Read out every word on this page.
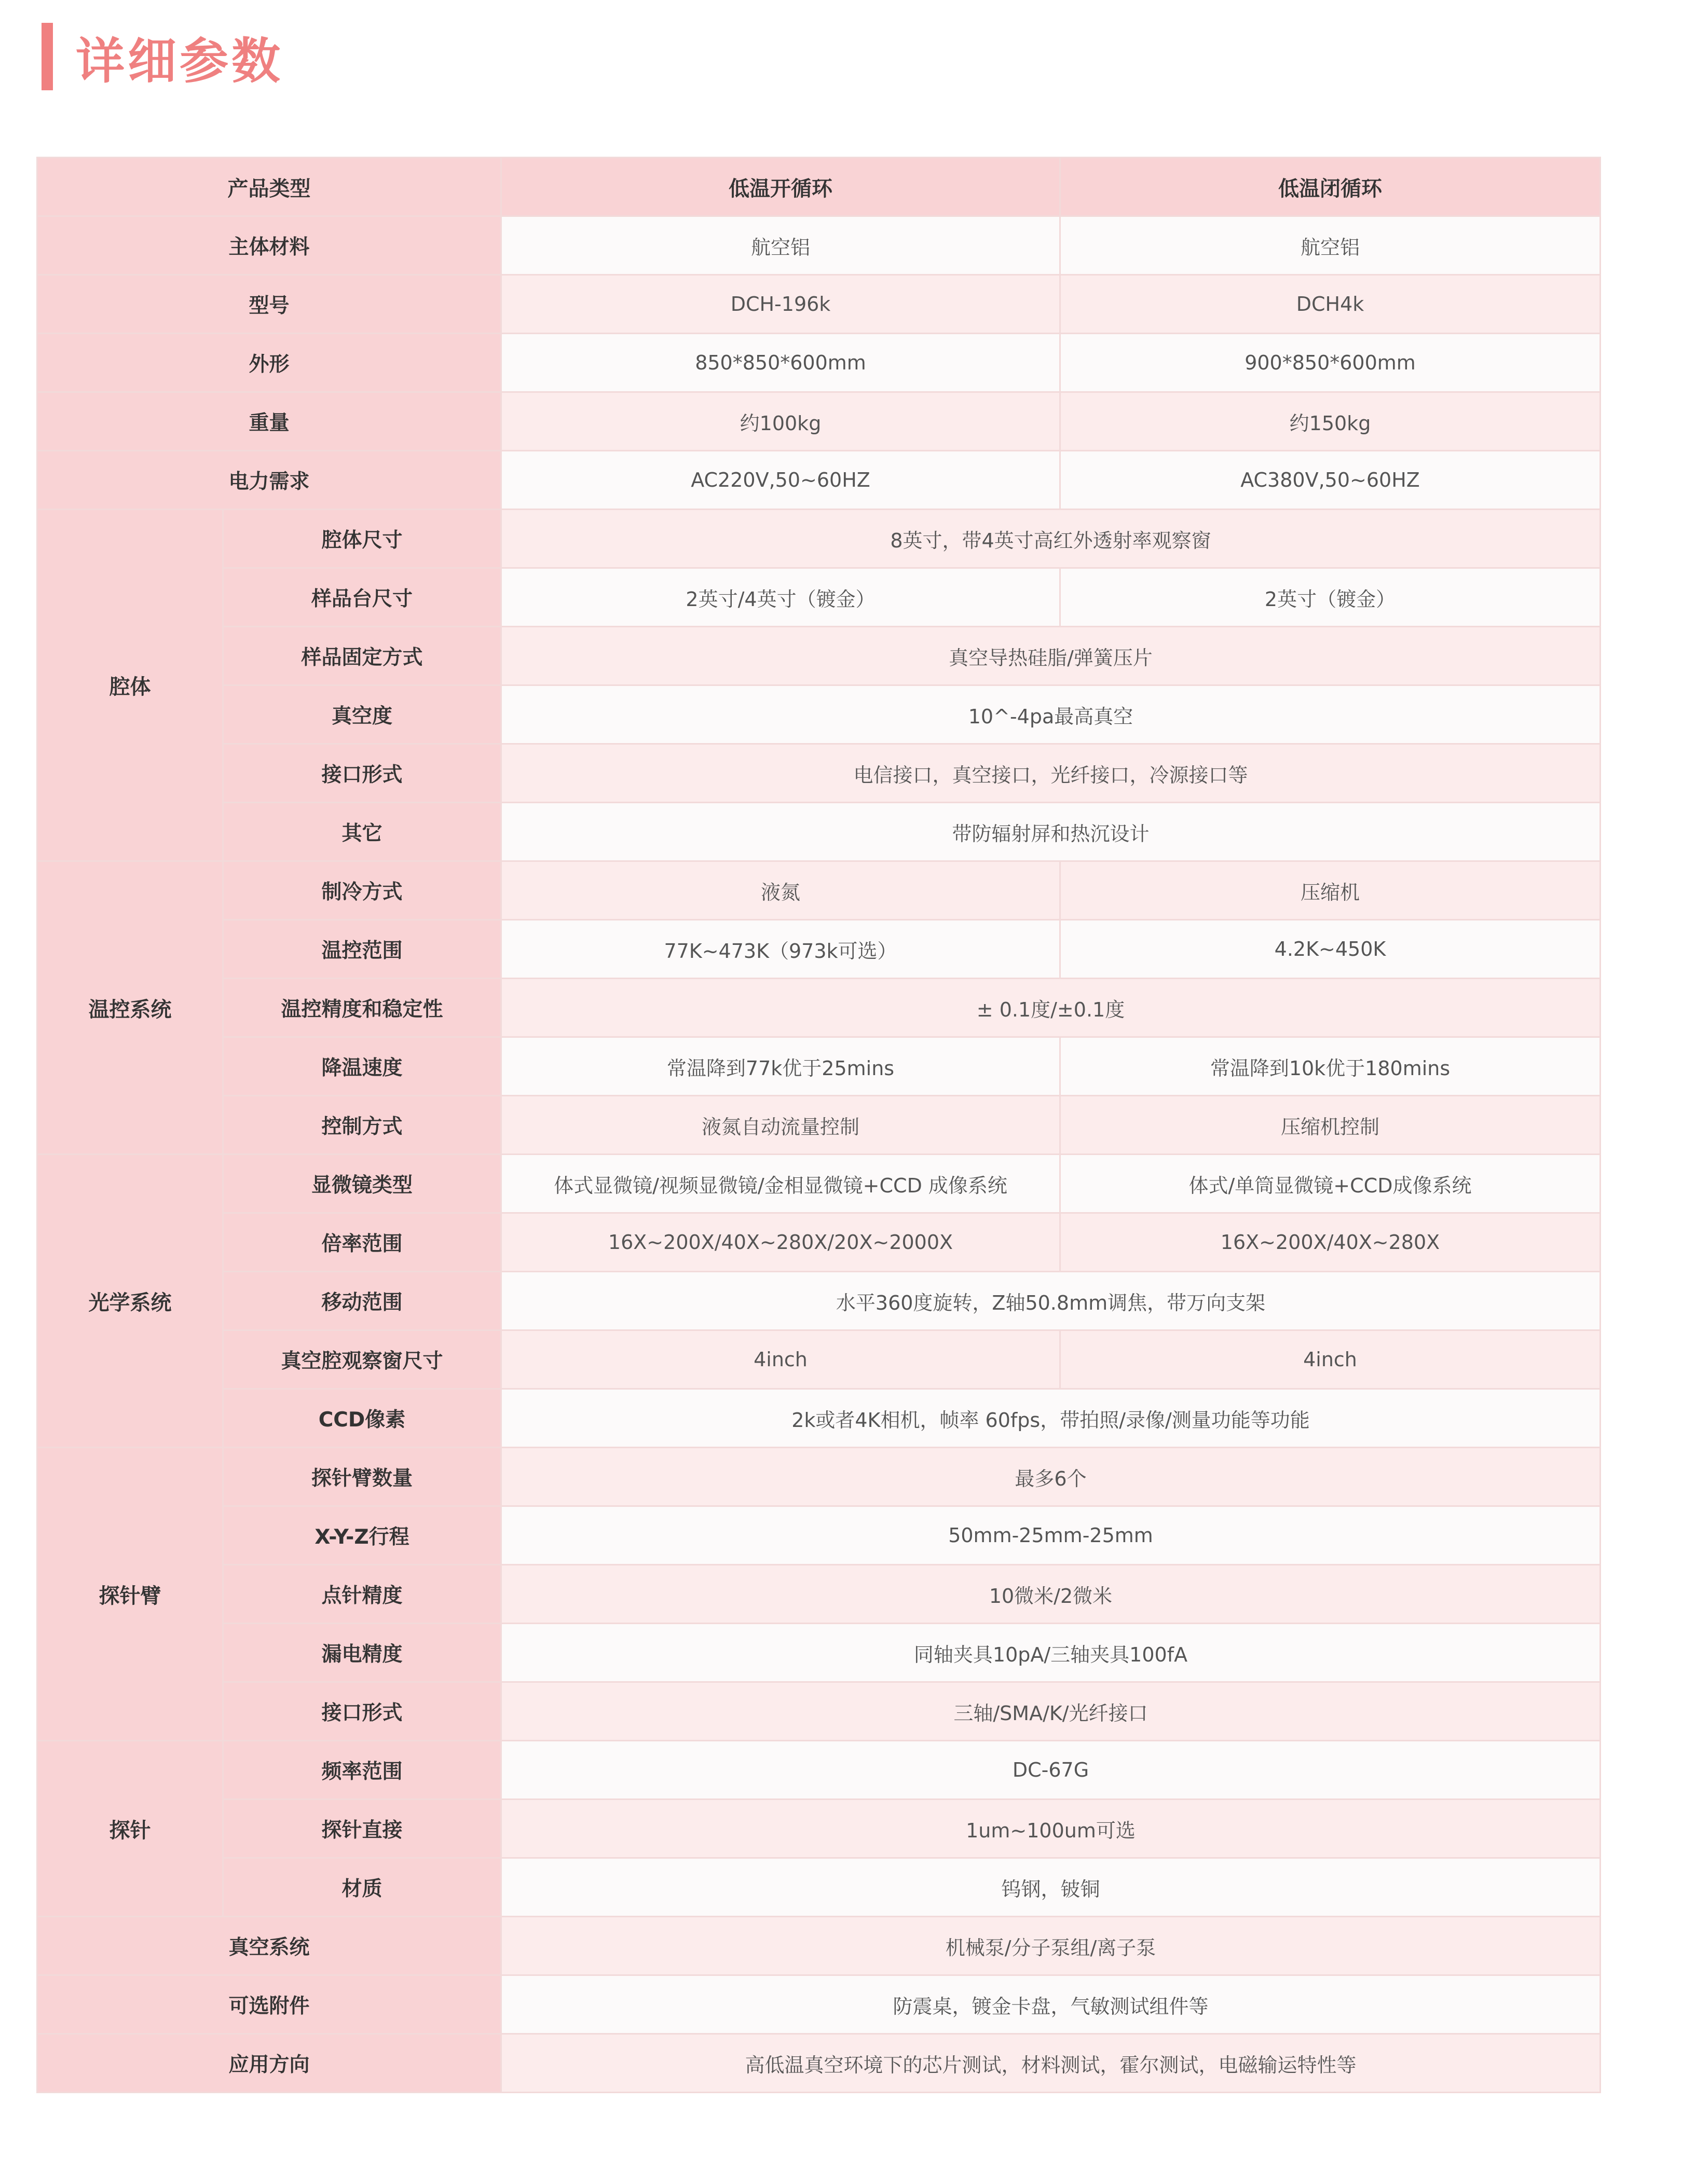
详细参数
产品类型		低温开循环	低温闭循环
主体材料		航空铝	航空铝
型号		DCH-196k	DCH4k
外形		850*850*600mm	900*850*600mm
重量		约100kg	约150kg
电力需求		AC220V,50~60HZ	AC380V,50~60HZ
腔体	腔体尺寸	8英寸，带4英寸高红外透射率观察窗	
	样品台尺寸	2英寸/4英寸（镀金）	2英寸（镀金）
	样品固定方式	真空导热硅脂/弹簧压片	
	真空度	10^-4pa最高真空	
	接口形式	电信接口，真空接口，光纤接口，冷源接口等	
	其它	带防辐射屏和热沉设计	
温控系统	制冷方式	液氮	压缩机
	温控范围	77K~473K（973k可选）	4.2K~450K
	温控精度和稳定性	± 0.1度/±0.1度	
	降温速度	常温降到77k优于25mins	常温降到10k优于180mins
	控制方式	液氮自动流量控制	压缩机控制
光学系统	显微镜类型	体式显微镜/视频显微镜/金相显微镜+CCD 成像系统	体式/单筒显微镜+CCD成像系统
	倍率范围	16X~200X/40X~280X/20X~2000X	16X~200X/40X~280X
	移动范围	水平360度旋转，Z轴50.8mm调焦，带万向支架	
	真空腔观察窗尺寸	4inch	4inch
	CCD像素	2k或者4K相机，帧率 60fps，带拍照/录像/测量功能等功能	
探针臂	探针臂数量	最多6个	
	X-Y-Z行程	50mm-25mm-25mm	
	点针精度	10微米/2微米	
	漏电精度	同轴夹具10pA/三轴夹具100fA	
	接口形式	三轴/SMA/K/光纤接口	
探针	频率范围	DC-67G	
	探针直接	1um~100um可选	
	材质	钨钢，铍铜	
真空系统		机械泵/分子泵组/离子泵	
可选附件		防震桌，镀金卡盘，气敏测试组件等	
应用方向		高低温真空环境下的芯片测试，材料测试，霍尔测试，电磁输运特性等	
